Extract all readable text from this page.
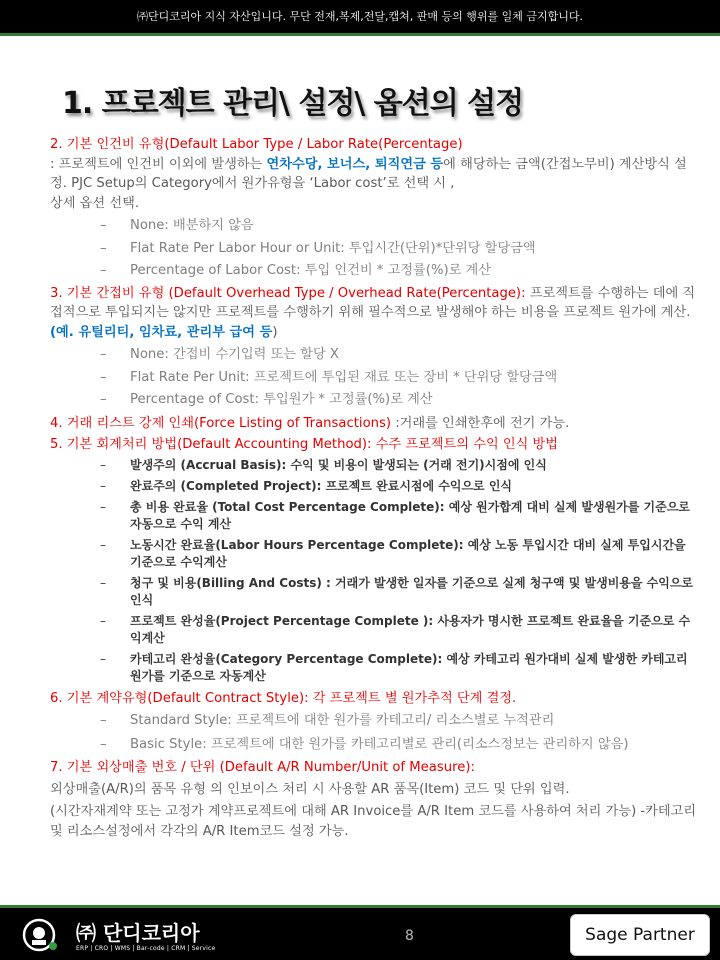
㈜단디코리아 지식 자산입니다. 무단 전재,복제,전달,캡쳐, 판매 등의 행위를 일체 금지합니다.
1. 프로젝트 관리\ 설정\ 옵션의 설정
2. 기본 인건비 유형(Default Labor Type / Labor Rate(Percentage)
: 프로젝트에 인건비 이외에 발생하는 연차수당, 보너스, 퇴직연금 등에 해당하는 금액(간접노무비) 계산방식 설정. PJC Setup의 Category에서 원가유형을 ‘Labor cost’로 선택 시 ,
상세 옵션 선택.
– None: 배분하지 않음
– Flat Rate Per Labor Hour or Unit: 투입시간(단위)*단위당 할당금액
– Percentage of Labor Cost: 투입 인건비 * 고정률(%)로 계산
3. 기본 간접비 유형 (Default Overhead Type / Overhead Rate(Percentage): 프로젝트를 수행하는 데에 직접적으로 투입되지는 않지만 프로젝트를 수행하기 위해 필수적으로 발생해야 하는 비용을 프로젝트 원가에 계산. (예. 유틸리티, 임차료, 관리부 급여 등)
– None: 간접비 수기입력 또는 할당 X
– Flat Rate Per Unit: 프로젝트에 투입된 재료 또는 장비 * 단위당 할당금액
– Percentage of Cost: 투입원가 * 고정률(%)로 계산
4. 거래 리스트 강제 인쇄(Force Listing of Transactions) :거래를 인쇄한후에 전기 가능.
5. 기본 회계처리 방법(Default Accounting Method): 수주 프로젝트의 수익 인식 방법
– 발생주의 (Accrual Basis): 수익 및 비용이 발생되는 (거래 전기)시점에 인식
– 완료주의 (Completed Project): 프로젝트 완료시점에 수익으로 인식
– 총 비용 완료율 (Total Cost Percentage Complete): 예상 원가합계 대비 실제 발생원가를 기준으로 자동으로 수익 계산
– 노동시간 완료율(Labor Hours Percentage Complete): 예상 노동 투입시간 대비 실제 투입시간을 기준으로 수익계산
– 청구 및 비용(Billing And Costs) : 거래가 발생한 일자를 기준으로 실제 청구액 및 발생비용을 수익으로 인식
– 프로젝트 완성율(Project Percentage Complete ): 사용자가 명시한 프로젝트 완료율을 기준으로 수익계산
– 카테고리 완성율(Category Percentage Complete): 예상 카테고리 원가대비 실제 발생한 카테고리 원가를 기준으로 자동계산
6. 기본 계약유형(Default Contract Style): 각 프로젝트 별 원가추적 단계 결정.
– Standard Style: 프로젝트에 대한 원가를 카테고리/ 리소스별로 누적관리
– Basic Style: 프로젝트에 대한 원가를 카테고리별로 관리(리소스정보는 관리하지 않음)
7. 기본 외상매출 번호 / 단위 (Default A/R Number/Unit of Measure):
외상매출(A/R)의 품목 유형 의 인보이스 처리 시 사용할 AR 품목(Item) 코드 및 단위 입력.
(시간자재계약 또는 고정가 계약프로젝트에 대해 AR Invoice를 A/R Item 코드를 사용하여 처리 가능) -카테고리 및 리소스설정에서 각각의 A/R Item코드 설정 가능.
㈜ 단디코리아
ERP | CRO | WMS | Bar-code | CRM | Service
8	Sage Partner
